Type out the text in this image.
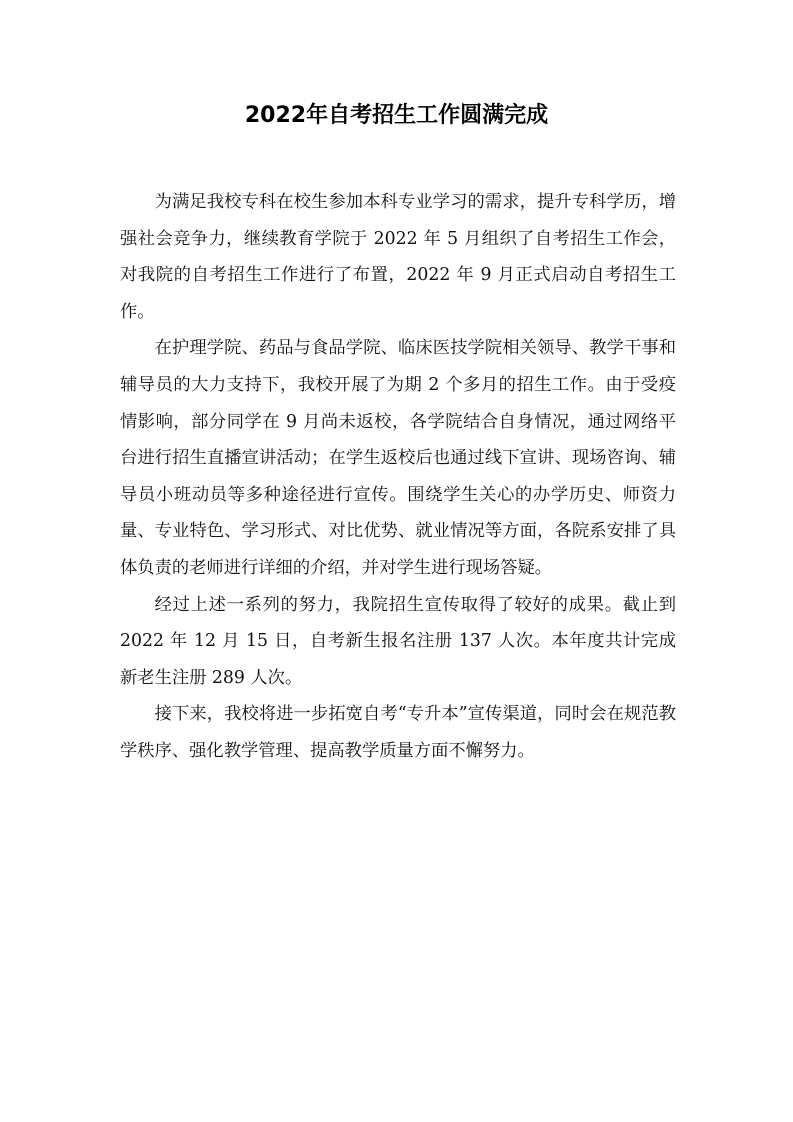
2022年自考招生工作圆满完成

为满足我校专科在校生参加本科专业学习的需求，提升专科学历，增强社会竞争力，继续教育学院于 2022 年 5 月组织了自考招生工作会，对我院的自考招生工作进行了布置，2022 年 9 月正式启动自考招生工作。

在护理学院、药品与食品学院、临床医技学院相关领导、教学干事和辅导员的大力支持下，我校开展了为期 2 个多月的招生工作。由于受疫情影响，部分同学在 9 月尚未返校，各学院结合自身情况，通过网络平台进行招生直播宣讲活动；在学生返校后也通过线下宣讲、现场咨询、辅导员小班动员等多种途径进行宣传。围绕学生关心的办学历史、师资力量、专业特色、学习形式、对比优势、就业情况等方面，各院系安排了具体负责的老师进行详细的介绍，并对学生进行现场答疑。

经过上述一系列的努力，我院招生宣传取得了较好的成果。截止到 2022 年 12 月 15 日，自考新生报名注册 137 人次。本年度共计完成新老生注册 289 人次。

接下来，我校将进一步拓宽自考“专升本”宣传渠道，同时会在规范教学秩序、强化教学管理、提高教学质量方面不懈努力。
